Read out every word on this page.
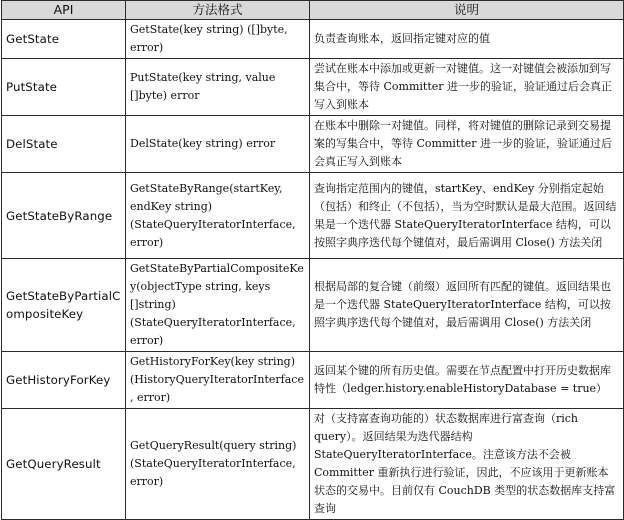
API	方法格式	说明
GetState	GetState(key string) ([]byte, error)	负责查询账本，返回指定键对应的值
PutState	PutState(key string, value []byte) error	尝试在账本中添加或更新一对键值。这一对键值会被添加到写集合中，等待 Committer 进一步的验证，验证通过后会真正写入到账本
DelState	DelState(key string) error	在账本中删除一对键值。同样，将对键值的删除记录到交易提案的写集合中，等待 Committer 进一步的验证，验证通过后会真正写入到账本
GetStateByRange	GetStateByRange(startKey, endKey string) (StateQueryIteratorInterface, error)	查询指定范围内的键值，startKey、endKey 分别指定起始（包括）和终止（不包括），当为空时默认是最大范围。返回结果是一个迭代器 StateQueryIteratorInterface 结构，可以按照字典序迭代每个键值对，最后需调用 Close() 方法关闭
GetStateByPartialCompositeKey	GetStateByPartialCompositeKey(objectType string, keys []string) (StateQueryIteratorInterface, error)	根据局部的复合键（前缀）返回所有匹配的键值。返回结果也是一个迭代器 StateQueryIteratorInterface 结构，可以按照字典序迭代每个键值对，最后需调用 Close() 方法关闭
GetHistoryForKey	GetHistoryForKey(key string) (HistoryQueryIteratorInterface, error)	返回某个键的所有历史值。需要在节点配置中打开历史数据库特性（ledger.history.enableHistoryDatabase = true）
GetQueryResult	GetQueryResult(query string) (StateQueryIteratorInterface, error)	对（支持富查询功能的）状态数据库进行富查询（rich query）。返回结果为迭代器结构 StateQueryIteratorInterface。注意该方法不会被 Committer 重新执行进行验证，因此，不应该用于更新账本状态的交易中。目前仅有 CouchDB 类型的状态数据库支持富查询
